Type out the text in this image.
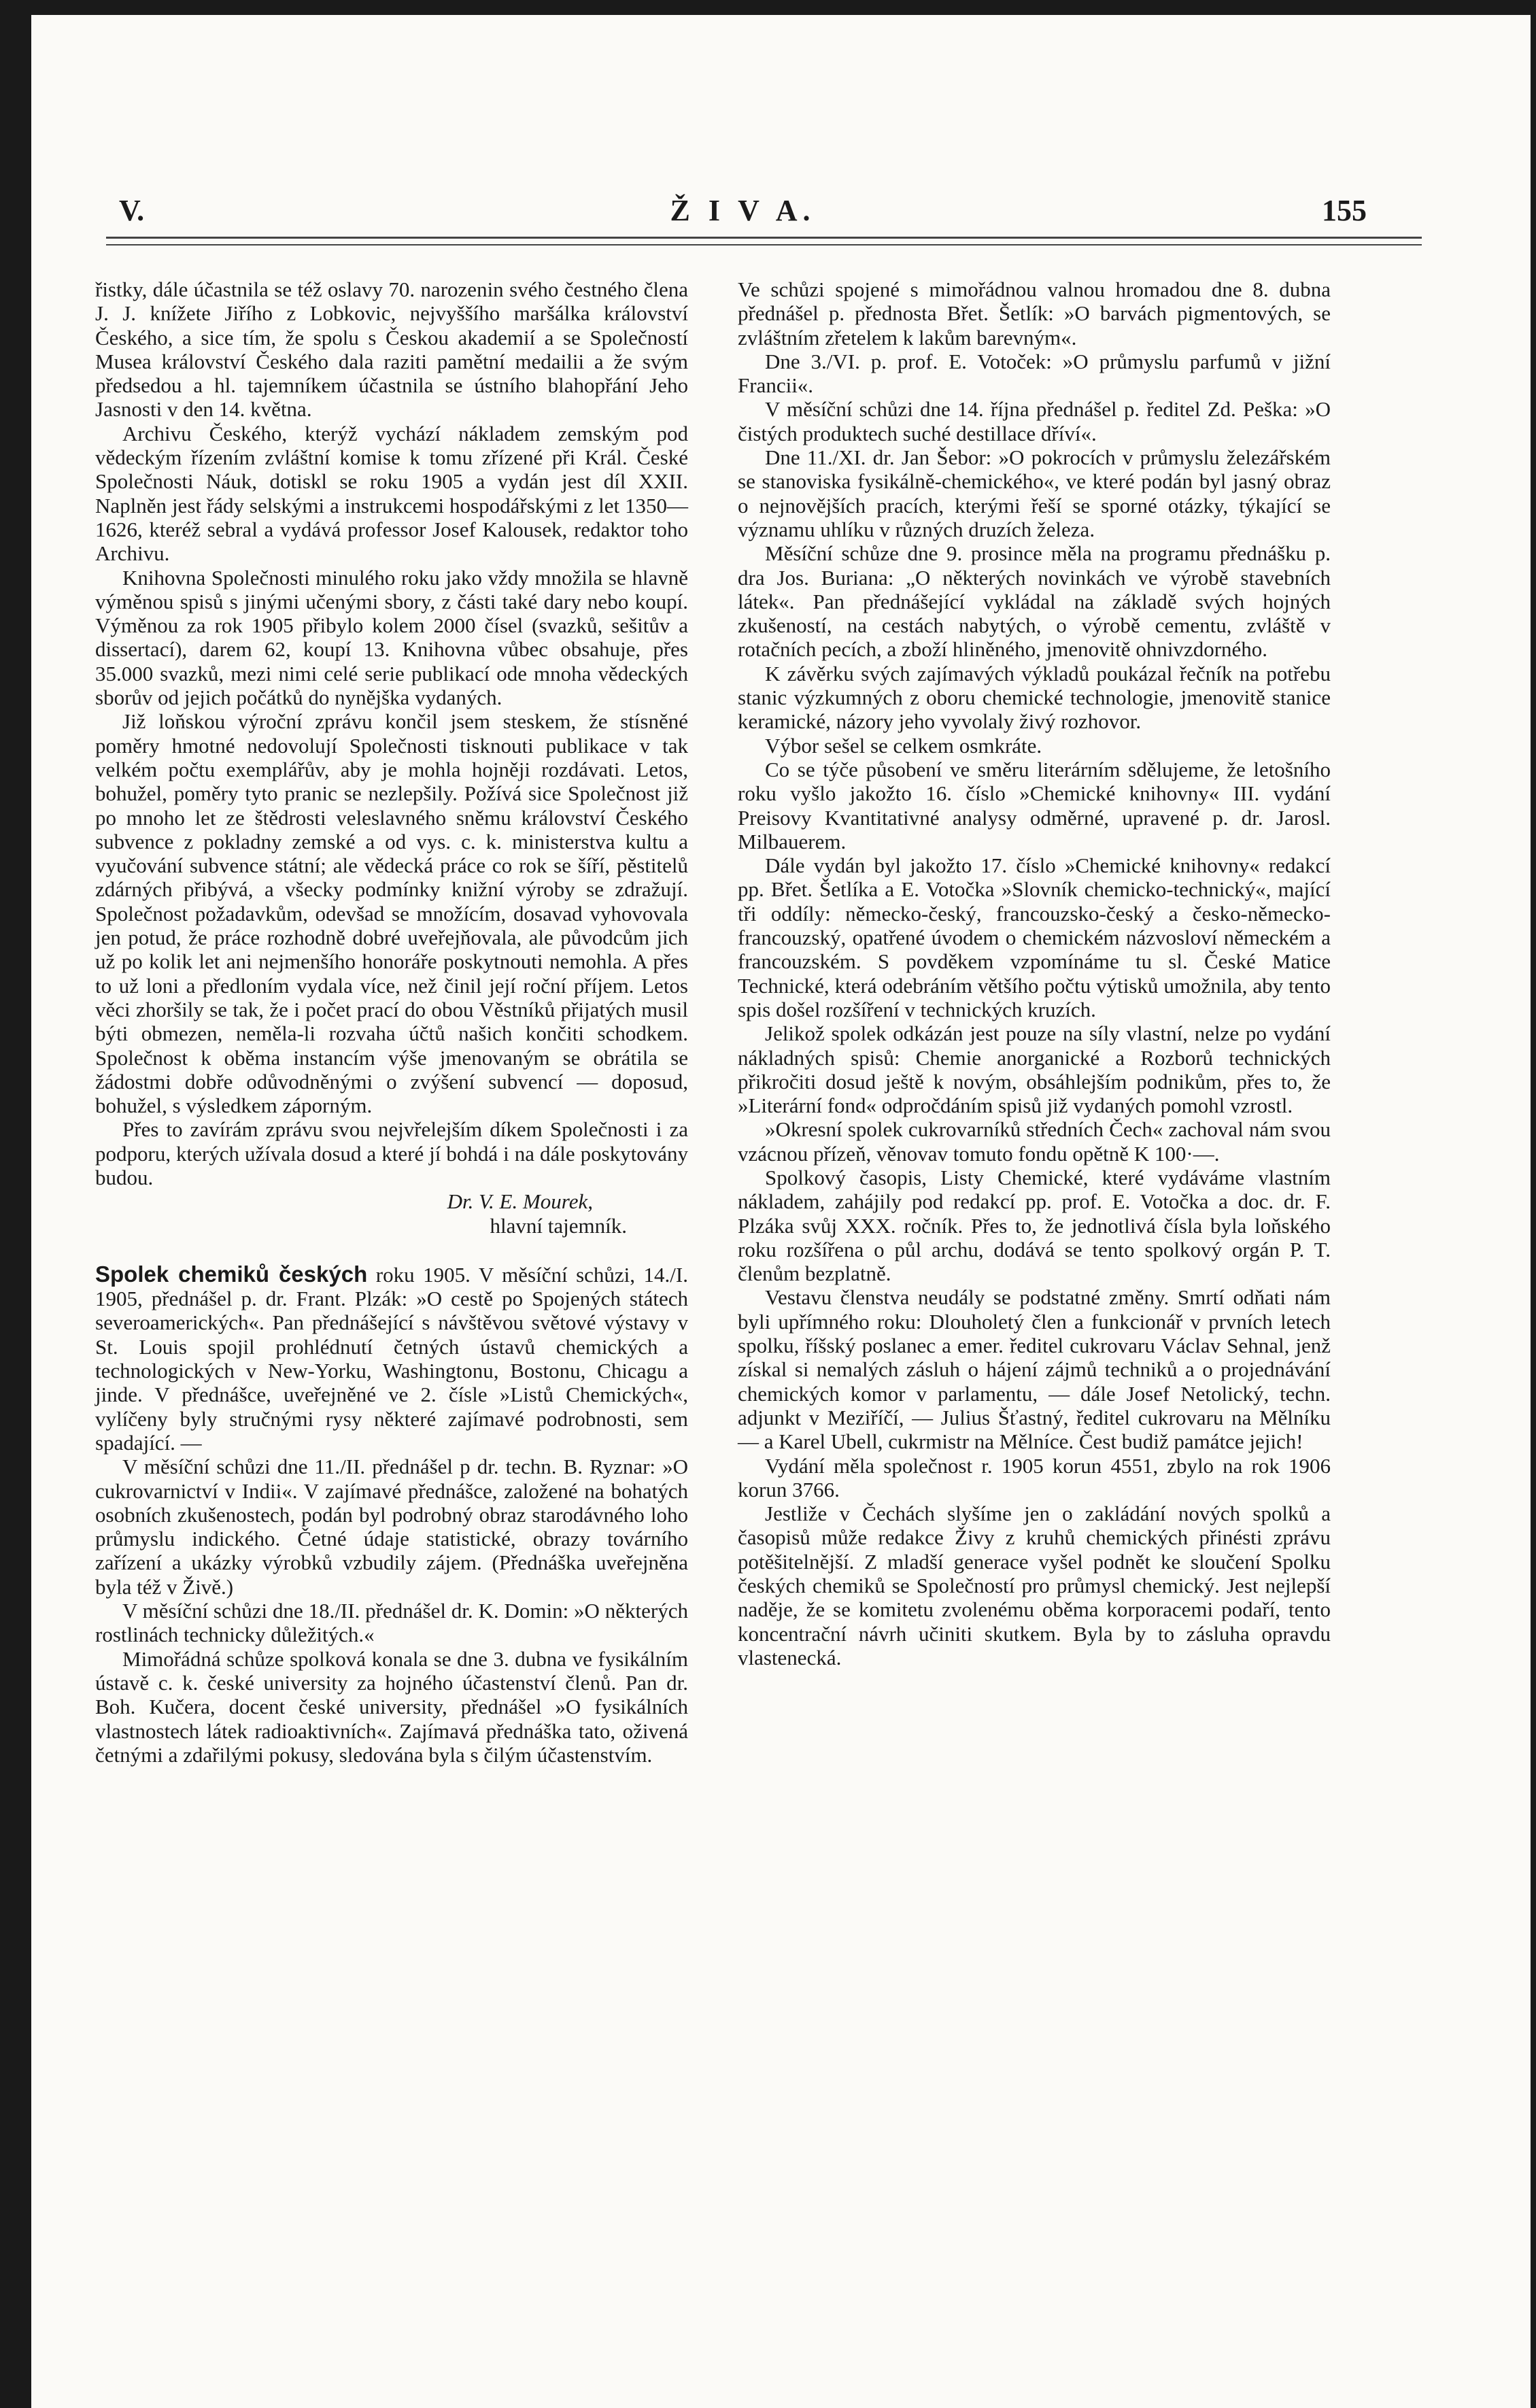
V.	Ž I V A.	155

řistky, dále účastnila se též oslavy 70. narozenin svého čestného člena J. J. knížete Jiřího z Lobkovic, nejvyššího maršálka království Českého, a sice tím, že spolu s Českou akademií a se Společností Musea království Českého dala raziti pamětní medailii a že svým předsedou a hl. tajemníkem účastnila se ústního blahopřání Jeho Jasnosti v den 14. května.

Archivu Českého, kterýž vychází nákladem zemským pod vědeckým řízením zvláštní komise k tomu zřízené při Král. České Společnosti Náuk, dotiskl se roku 1905 a vydán jest díl XXII. Naplněn jest řády selskými a instrukcemi hospodářskými z let 1350—1626, kteréž sebral a vydává professor Josef Kalousek, redaktor toho Archivu.

Knihovna Společnosti minulého roku jako vždy množila se hlavně výměnou spisů s jinými učenými sbory, z části také dary nebo koupí. Výměnou za rok 1905 přibylo kolem 2000 čísel (svazků, sešitův a dissertací), darem 62, koupí 13. Knihovna vůbec obsahuje, přes 35.000 svazků, mezi nimi celé serie publikací ode mnoha vědeckých sborův od jejich počátků do nynějška vydaných.

Již loňskou výroční zprávu končil jsem steskem, že stísněné poměry hmotné nedovolují Společnosti tisknouti publikace v tak velkém počtu exemplářův, aby je mohla hojněji rozdávati. Letos, bohužel, poměry tyto pranic se nezlepšily. Požívá sice Společnost již po mnoho let ze štědrosti veleslavného sněmu království Českého subvence z pokladny zemské a od vys. c. k. ministerstva kultu a vyučování subvence státní; ale vědecká práce co rok se šíří, pěstitelů zdárných přibývá, a všecky podmínky knižní výroby se zdražují. Společnost požadavkům, odevšad se množícím, dosavad vyhovovala jen potud, že práce rozhodně dobré uveřejňovala, ale původcům jich už po kolik let ani nejmenšího honoráře poskytnouti nemohla. A přes to už loni a předloním vydala více, než činil její roční příjem. Letos věci zhoršily se tak, že i počet prací do obou Věstníků přijatých musil býti obmezen, neměla-li rozvaha účtů našich končiti schodkem. Společnost k oběma instancím výše jmenovaným se obrátila se žádostmi dobře odůvodněnými o zvýšení subvencí — doposud, bohužel, s výsledkem záporným.

Přes to zavírám zprávu svou nejvřelejším díkem Společnosti i za podporu, kterých užívala dosud a které jí bohdá i na dále poskytovány budou.

Dr. V. E. Mourek,
hlavní tajemník.

Spolek chemiků českých roku 1905. V měsíční schůzi, 14./I. 1905, přednášel p. dr. Frant. Plzák: »O cestě po Spojených státech severoamerických«. Pan přednášející s návštěvou světové výstavy v St. Louis spojil prohlédnutí četných ústavů chemických a technologických v New-Yorku, Washingtonu, Bostonu, Chicagu a jinde. V přednášce, uveřejněné ve 2. čísle »Listů Chemických«, vylíčeny byly stručnými rysy některé zajímavé podrobnosti, sem spadající. —

V měsíční schůzi dne 11./II. přednášel p dr. techn. B. Ryznar: »O cukrovarnictví v Indii«. V zajímavé přednášce, založené na bohatých osobních zkušenostech, podán byl podrobný obraz starodávného loho průmyslu indického. Četné údaje statistické, obrazy továrního zařízení a ukázky výrobků vzbudily zájem. (Přednáška uveřejněna byla též v Živě.)

V měsíční schůzi dne 18./II. přednášel dr. K. Domin: »O některých rostlinách technicky důležitých.«

Mimořádná schůze spolková konala se dne 3. dubna ve fysikálním ústavě c. k. české university za hojného účastenství členů. Pan dr. Boh. Kučera, docent české university, přednášel »O fysikálních vlastnostech látek radioaktivních«. Zajímavá přednáška tato, oživená četnými a zdařilými pokusy, sledována byla s čilým účastenstvím.

Ve schůzi spojené s mimořádnou valnou hromadou dne 8. dubna přednášel p. přednosta Břet. Šetlík: »O barvách pigmentových, se zvláštním zřetelem k lakům barevným«.

Dne 3./VI. p. prof. E. Votoček: »O průmyslu parfumů v jižní Francii«.

V měsíční schůzi dne 14. října přednášel p. ředitel Zd. Peška: »O čistých produktech suché destillace dříví«.

Dne 11./XI. dr. Jan Šebor: »O pokrocích v průmyslu železářském se stanoviska fysikálně-chemického«, ve které podán byl jasný obraz o nejnovějších pracích, kterými řeší se sporné otázky, týkající se významu uhlíku v různých druzích železa.

Měsíční schůze dne 9. prosince měla na programu přednášku p. dra Jos. Buriana: „O některých novinkách ve výrobě stavebních látek«. Pan přednášející vykládal na základě svých hojných zkušeností, na cestách nabytých, o výrobě cementu, zvláště v rotačních pecích, a zboží hliněného, jmenovitě ohnivzdorného.

K závěrku svých zajímavých výkladů poukázal řečník na potřebu stanic výzkumných z oboru chemické technologie, jmenovitě stanice keramické, názory jeho vyvolaly živý rozhovor.

Výbor sešel se celkem osmkráte.

Co se týče působení ve směru literárním sdělujeme, že letošního roku vyšlo jakožto 16. číslo »Chemické knihovny« III. vydání Preisovy Kvantitativné analysy odměrné, upravené p. dr. Jarosl. Milbauerem.

Dále vydán byl jakožto 17. číslo »Chemické knihovny« redakcí pp. Břet. Šetlíka a E. Votočka »Slovník chemicko-technický«, mající tři oddíly: německo-český, francouzsko-český a česko-německo-francouzský, opatřené úvodem o chemickém názvosloví německém a francouzském. S povděkem vzpomínáme tu sl. České Matice Technické, která odebráním většího počtu výtisků umožnila, aby tento spis došel rozšíření v technických kruzích.

Jelikož spolek odkázán jest pouze na síly vlastní, nelze po vydání nákladných spisů: Chemie anorganické a Rozborů technických přikročiti dosud ještě k novým, obsáhlejším podnikům, přes to, že »Literární fond« odpročdáním spisů již vydaných pomohl vzrostl.

»Okresní spolek cukrovarníků středních Čech« zachoval nám svou vzácnou přízeň, věnovav tomuto fondu opětně K 100·—.

Spolkový časopis, Listy Chemické, které vydáváme vlastním nákladem, zahájily pod redakcí pp. prof. E. Votočka a doc. dr. F. Plzáka svůj XXX. ročník. Přes to, že jednotlivá čísla byla loňského roku rozšířena o půl archu, dodává se tento spolkový orgán P. T. členům bezplatně.

Vestavu členstva neudály se podstatné změny. Smrtí odňati nám byli upřímného roku: Dlouholetý člen a funkcionář v prvních letech spolku, říšský poslanec a emer. ředitel cukrovaru Václav Sehnal, jenž získal si nemalých zásluh o hájení zájmů techniků a o projednávání chemických komor v parlamentu, — dále Josef Netolický, techn. adjunkt v Meziříčí, — Julius Šťastný, ředitel cukrovaru na Mělníku — a Karel Ubell, cukrmistr na Mělníce. Čest budiž památce jejich!

Vydání měla společnost r. 1905 korun 4551, zbylo na rok 1906 korun 3766.

Jestliže v Čechách slyšíme jen o zakládání nových spolků a časopisů může redakce Živy z kruhů chemických přinésti zprávu potěšitelnější. Z mladší generace vyšel podnět ke sloučení Spolku českých chemiků se Společností pro průmysl chemický. Jest nejlepší naděje, že se komitetu zvolenému oběma korporacemi podaří, tento koncentrační návrh učiniti skutkem. Byla by to zásluha opravdu vlastenecká.
